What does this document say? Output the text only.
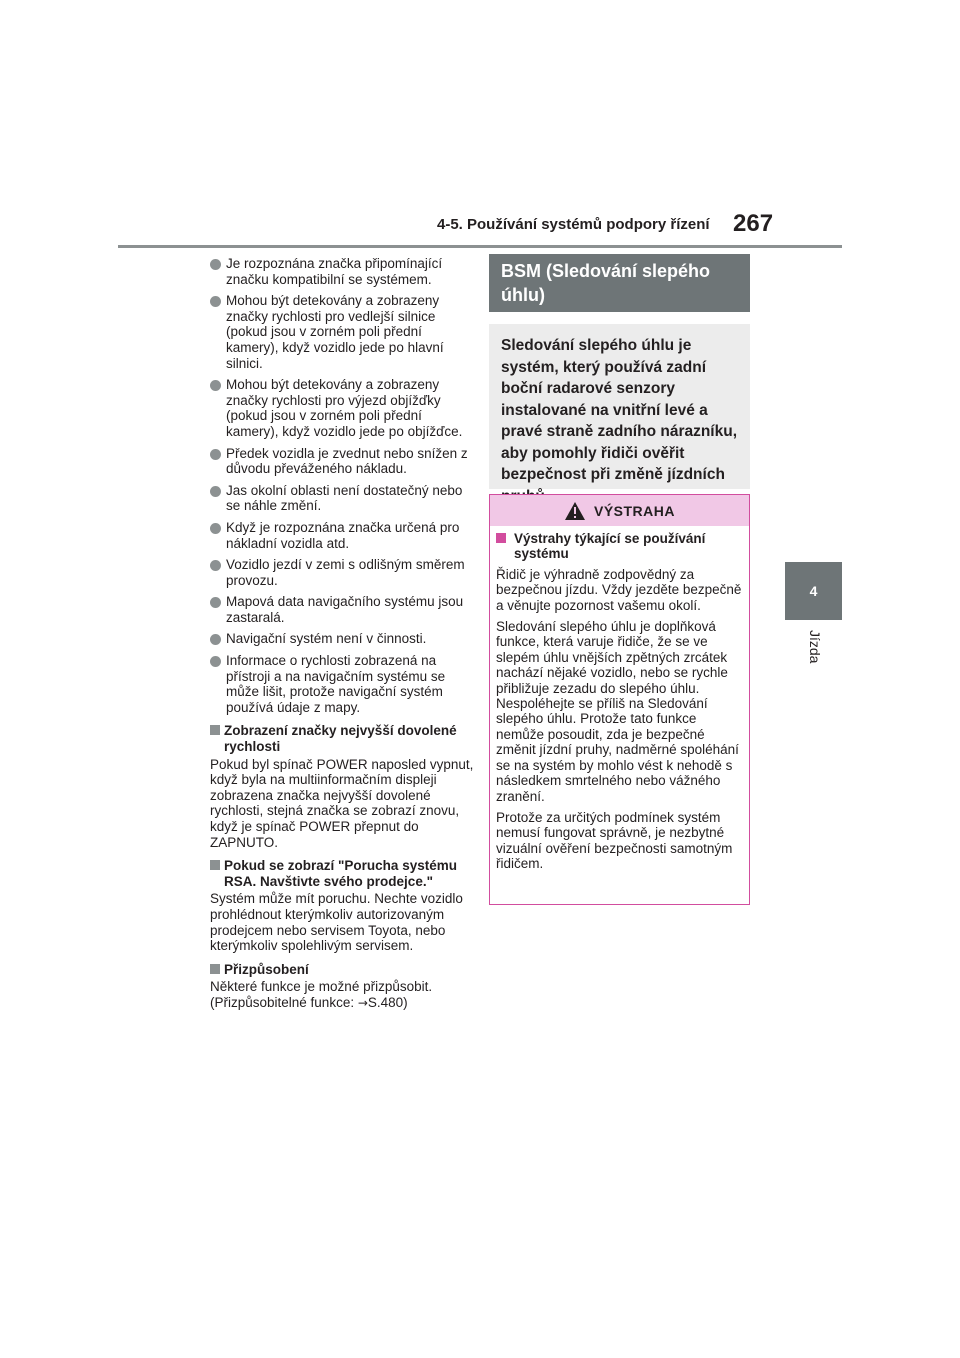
4-5. Používání systémů podpory řízení 267
4
Jízda
Je rozpoznána značka připomínající značku kompatibilní se systémem.
Mohou být detekovány a zobrazeny značky rychlosti pro vedlejší silnice (pokud jsou v zorném poli přední kamery), když vozidlo jede po hlavní silnici.
Mohou být detekovány a zobrazeny značky rychlosti pro výjezd objížďky (pokud jsou v zorném poli přední kamery), když vozidlo jede po objížďce.
Předek vozidla je zvednut nebo snížen z důvodu převáženého nákladu.
Jas okolní oblasti není dostatečný nebo se náhle změní.
Když je rozpoznána značka určená pro nákladní vozidla atd.
Vozidlo jezdí v zemi s odlišným směrem provozu.
Mapová data navigačního systému jsou zastaralá.
Navigační systém není v činnosti.
Informace o rychlosti zobrazená na přístroji a na navigačním systému se může lišit, protože navigační systém používá údaje z mapy.
Zobrazení značky nejvyšší dovolené rychlosti
Pokud byl spínač POWER naposled vypnut, když byla na multiinformačním displeji zobrazena značka nejvyšší dovolené rychlosti, stejná značka se zobrazí znovu, když je spínač POWER přepnut do ZAPNUTO.
Pokud se zobrazí "Porucha systému RSA. Navštivte svého prodejce."
Systém může mít poruchu. Nechte vozidlo prohlédnout kterýmkoliv autorizovaným prodejcem nebo servisem Toyota, nebo kterýmkoliv spolehlivým servisem.
Přizpůsobení
Některé funkce je možné přizpůsobit. (Přizpůsobitelné funkce: →S.480)
BSM (Sledování slepého úhlu)
Sledování slepého úhlu je systém, který používá zadní boční radarové senzory instalované na vnitřní levé a pravé straně zadního nárazníku, aby pomohly řidiči ověřit bezpečnost při změně jízdních
VÝSTRAHA
Výstrahy týkající se používání systému

Řidič je výhradně zodpovědný za bezpečnou jízdu. Vždy jezděte bezpečně a věnujte pozornost vašemu okolí.

Sledování slepého úhlu je doplňková funkce, která varuje řidiče, že se ve slepém úhlu vnějších zpětných zrcátek nachází nějaké vozidlo, nebo se rychle přibližuje zezadu do slepého úhlu. Nespoléhejte se příliš na Sledování slepého úhlu. Protože tato funkce nemůže posoudit, zda je bezpečné změnit jízdní pruhy, nadměrné spoléhání se na systém by mohlo vést k nehodě s následkem smrtelného nebo vážného zranění.

Protože za určitých podmínek systém nemusí fungovat správně, je nezbytné vizuální ověření bezpečnosti samotným řidičem.
